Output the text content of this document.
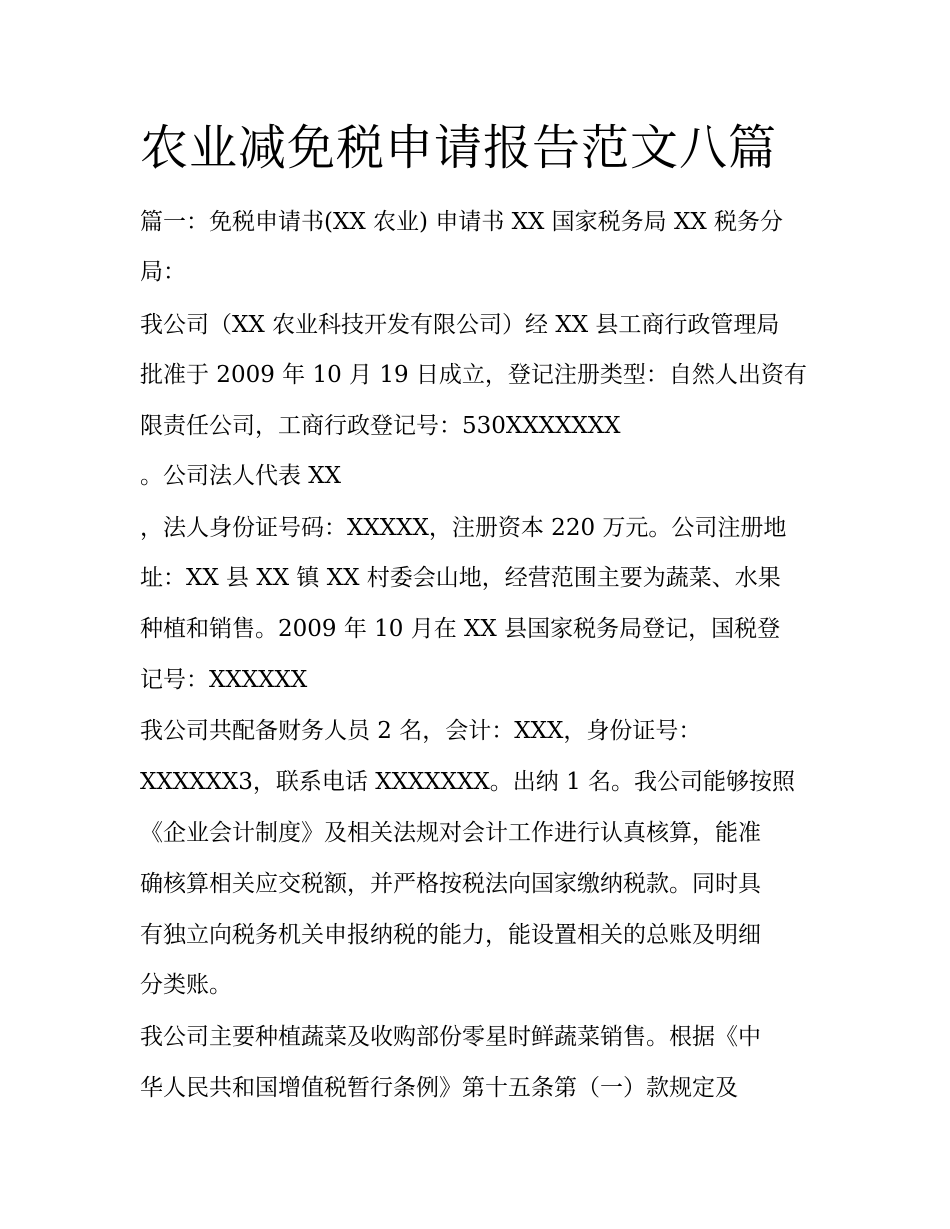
农业减免税申请报告范文八篇

篇一：免税申请书(XX 农业) 申请书 XX 国家税务局 XX 税务分

局：

我公司（XX 农业科技开发有限公司）经 XX 县工商行政管理局

批准于 2009 年 10 月 19 日成立，登记注册类型：自然人出资有

限责任公司，工商行政登记号：530XXXXXXX

。公司法人代表 XX

，法人身份证号码：XXXXX，注册资本 220 万元。公司注册地

址：XX 县 XX 镇 XX 村委会山地，经营范围主要为蔬菜、水果

种植和销售。2009 年 10 月在 XX 县国家税务局登记，国税登

记号：XXXXXX

我公司共配备财务人员 2 名，会计：XXX，身份证号：

XXXXXX3，联系电话 XXXXXXX。出纳 1 名。我公司能够按照

《企业会计制度》及相关法规对会计工作进行认真核算，能准

确核算相关应交税额，并严格按税法向国家缴纳税款。同时具

有独立向税务机关申报纳税的能力，能设置相关的总账及明细

分类账。

我公司主要种植蔬菜及收购部份零星时鲜蔬菜销售。根据《中

华人民共和国增值税暂行条例》第十五条第（一）款规定及
